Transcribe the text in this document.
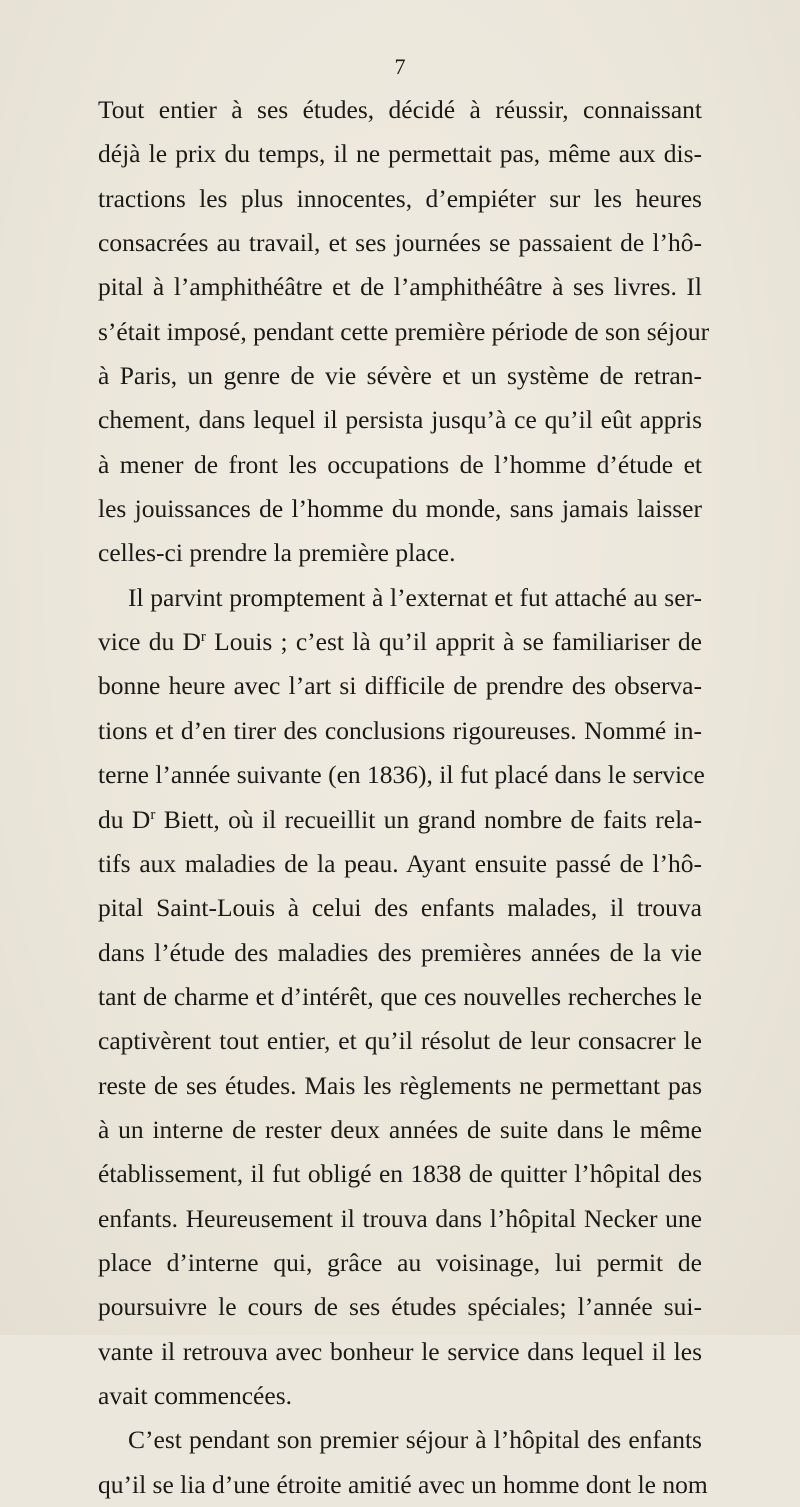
7
Tout entier à ses études, décidé à réussir, connaissant
déjà le prix du temps, il ne permettait pas, même aux dis-
tractions les plus innocentes, d’empiéter sur les heures
consacrées au travail, et ses journées se passaient de l’hô-
pital à l’amphithéâtre et de l’amphithéâtre à ses livres. Il
s’était imposé, pendant cette première période de son séjour
à Paris, un genre de vie sévère et un système de retran-
chement, dans lequel il persista jusqu’à ce qu’il eût appris
à mener de front les occupations de l’homme d’étude et
les jouissances de l’homme du monde, sans jamais laisser
celles-ci prendre la première place.
Il parvint promptement à l’externat et fut attaché au ser-
vice du $D^r$ Louis ; c’est là qu’il apprit à se familiariser de
bonne heure avec l’art si difficile de prendre des observa-
tions et d’en tirer des conclusions rigoureuses. Nommé in-
terne l’année suivante (en 1836), il fut placé dans le service
du $D^r$ Biett, où il recueillit un grand nombre de faits rela-
tifs aux maladies de la peau. Ayant ensuite passé de l’hô-
pital Saint-Louis à celui des enfants malades, il trouva
dans l’étude des maladies des premières années de la vie
tant de charme et d’intérêt, que ces nouvelles recherches le
captivèrent tout entier, et qu’il résolut de leur consacrer le
reste de ses études. Mais les règlements ne permettant pas
à un interne de rester deux années de suite dans le même
établissement, il fut obligé en 1838 de quitter l’hôpital des
enfants. Heureusement il trouva dans l’hôpital Necker une
place d’interne qui, grâce au voisinage, lui permit de
poursuivre le cours de ses études spéciales; l’année sui-
vante il retrouva avec bonheur le service dans lequel il les
avait commencées.
C’est pendant son premier séjour à l’hôpital des enfants
qu’il se lia d’une étroite amitié avec un homme dont le nom
